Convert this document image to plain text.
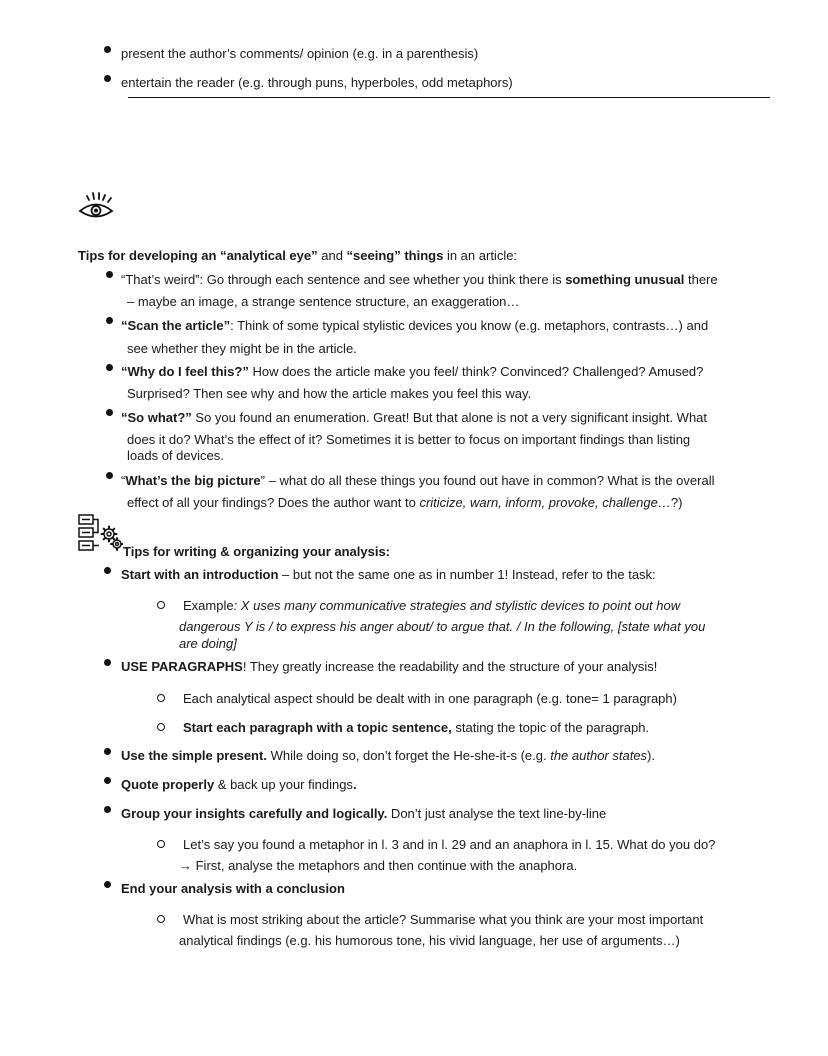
present the author’s comments/ opinion (e.g. in a parenthesis)
entertain the reader (e.g. through puns, hyperboles, odd metaphors)
Tips for developing an “analytical eye” and “seeing” things in an article:
“That’s weird”: Go through each sentence and see whether you think there is something unusual there
– maybe an image, a strange sentence structure, an exaggeration…
“Scan the article”: Think of some typical stylistic devices you know (e.g. metaphors, contrasts…) and
see whether they might be in the article.
“Why do I feel this?” How does the article make you feel/ think? Convinced? Challenged? Amused?
Surprised? Then see why and how the article makes you feel this way.
“So what?” So you found an enumeration. Great! But that alone is not a very significant insight. What
does it do? What’s the effect of it? Sometimes it is better to focus on important findings than listing
loads of devices.
“What’s the big picture” – what do all these things you found out have in common? What is the overall
effect of all your findings? Does the author want to criticize, warn, inform, provoke, challenge…?)
Tips for writing & organizing your analysis:
Start with an introduction – but not the same one as in number 1! Instead, refer to the task:
Example: X uses many communicative strategies and stylistic devices to point out how
dangerous Y is / to express his anger about/ to argue that. / In the following, [state what you
are doing]
USE PARAGRAPHS! They greatly increase the readability and the structure of your analysis!
Each analytical aspect should be dealt with in one paragraph (e.g. tone= 1 paragraph)
Start each paragraph with a topic sentence, stating the topic of the paragraph.
Use the simple present. While doing so, don’t forget the He-she-it-s (e.g. the author states).
Quote properly & back up your findings.
Group your insights carefully and logically. Don’t just analyse the text line-by-line
Let’s say you found a metaphor in l. 3 and in l. 29 and an anaphora in l. 15. What do you do?
→ First, analyse the metaphors and then continue with the anaphora.
End your analysis with a conclusion
What is most striking about the article? Summarise what you think are your most important
analytical findings (e.g. his humorous tone, his vivid language, her use of arguments…)
